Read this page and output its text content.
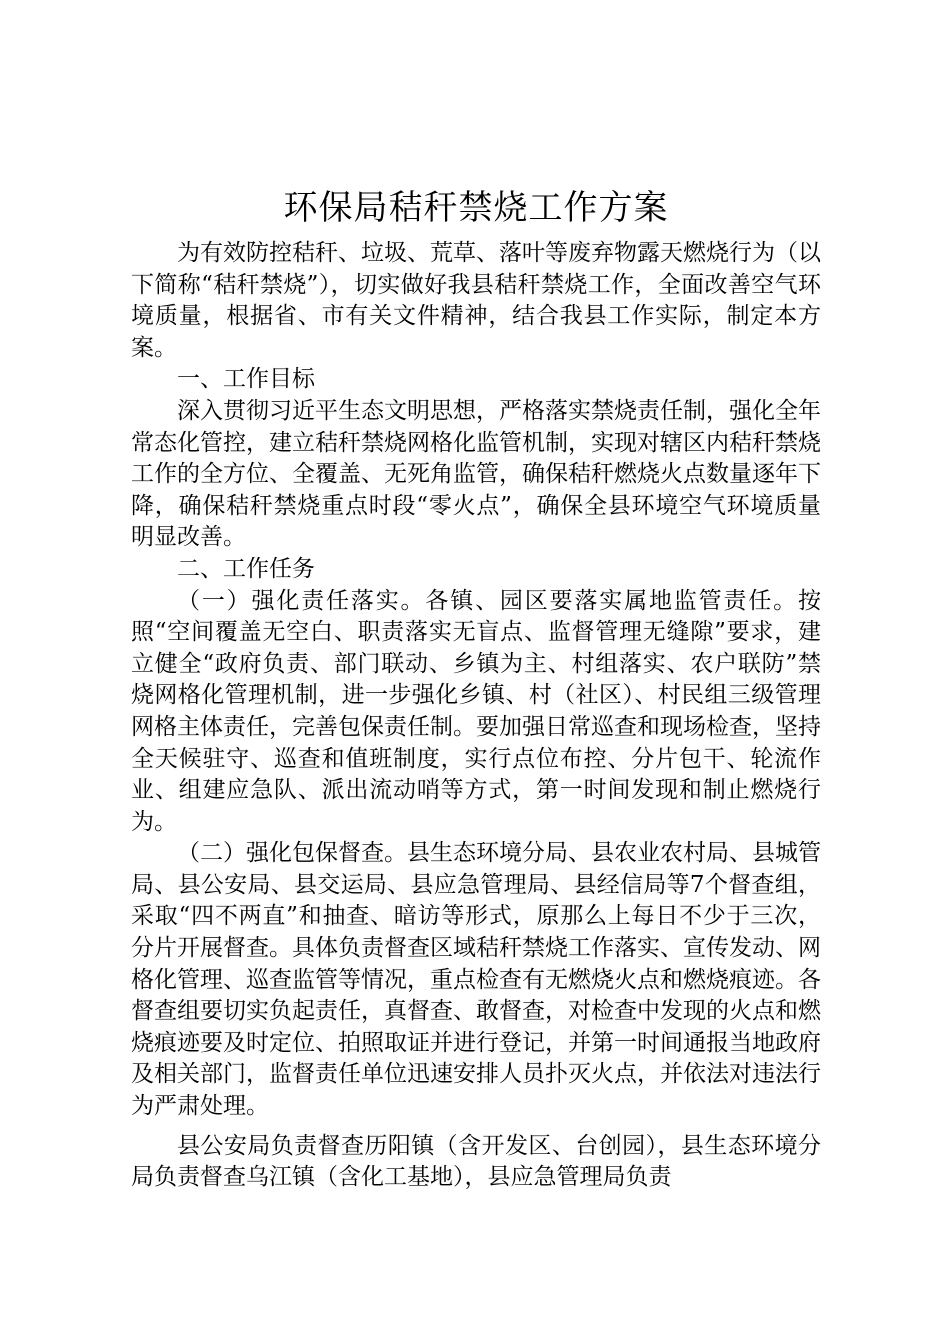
环保局秸秆禁烧工作方案

为有效防控秸秆、垃圾、荒草、落叶等废弃物露天燃烧行为（以下简称“秸秆禁烧”），切实做好我县秸秆禁烧工作，全面改善空气环境质量，根据省、市有关文件精神，结合我县工作实际，制定本方案。

一、工作目标

深入贯彻习近平生态文明思想，严格落实禁烧责任制，强化全年常态化管控，建立秸秆禁烧网格化监管机制，实现对辖区内秸秆禁烧工作的全方位、全覆盖、无死角监管，确保秸秆燃烧火点数量逐年下降，确保秸秆禁烧重点时段“零火点”，确保全县环境空气环境质量明显改善。

二、工作任务

（一）强化责任落实。各镇、园区要落实属地监管责任。按照“空间覆盖无空白、职责落实无盲点、监督管理无缝隙”要求，建立健全“政府负责、部门联动、乡镇为主、村组落实、农户联防”禁烧网格化管理机制，进一步强化乡镇、村（社区）、村民组三级管理网格主体责任，完善包保责任制。要加强日常巡查和现场检查，坚持全天候驻守、巡查和值班制度，实行点位布控、分片包干、轮流作业、组建应急队、派出流动哨等方式，第一时间发现和制止燃烧行为。

（二）强化包保督查。县生态环境分局、县农业农村局、县城管局、县公安局、县交运局、县应急管理局、县经信局等7个督查组，采取“四不两直”和抽查、暗访等形式，原那么上每日不少于三次，分片开展督查。具体负责督查区域秸秆禁烧工作落实、宣传发动、网格化管理、巡查监管等情况，重点检查有无燃烧火点和燃烧痕迹。各督查组要切实负起责任，真督查、敢督查，对检查中发现的火点和燃烧痕迹要及时定位、拍照取证并进行登记，并第一时间通报当地政府及相关部门，监督责任单位迅速安排人员扑灭火点，并依法对违法行为严肃处理。

县公安局负责督查历阳镇（含开发区、台创园），县生态环境分局负责督查乌江镇（含化工基地），县应急管理局负责
